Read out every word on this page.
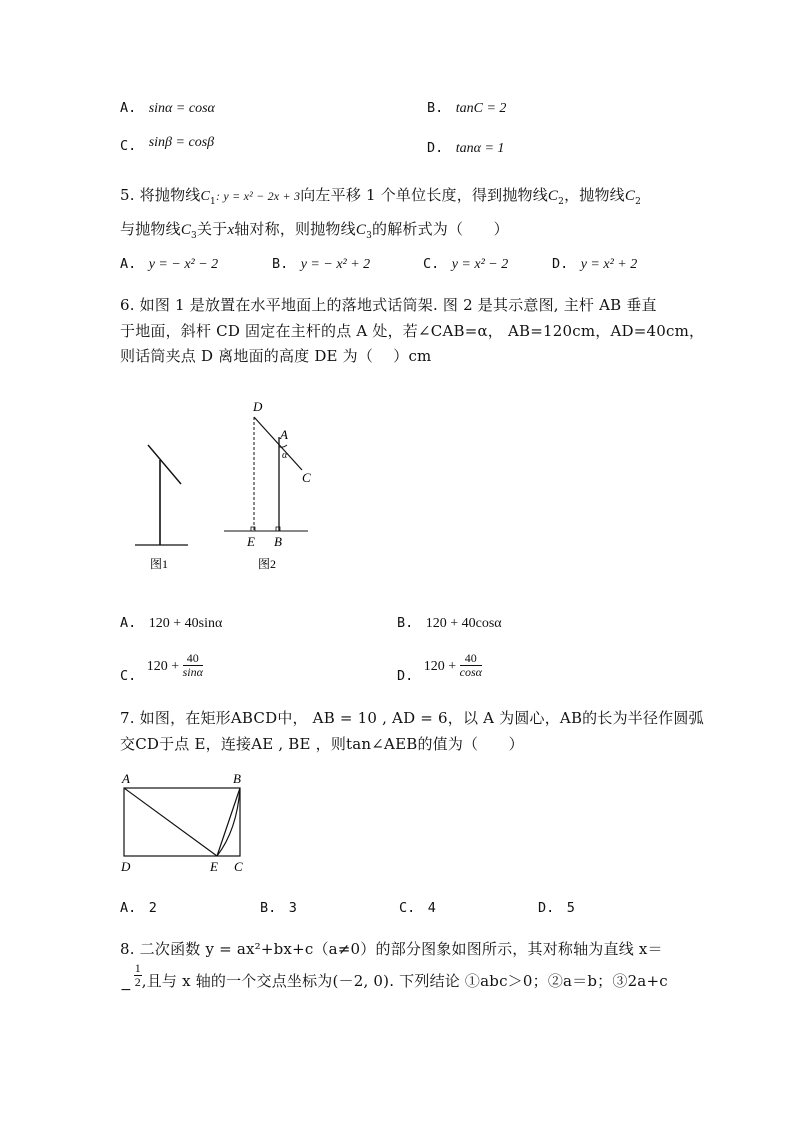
A. sinα = cosα	B. tanC = 2
C. sinβ = cosβ	D. tanα = 1
5. 将抛物线$C_1$: y = x² − 2x + 3向左平移 1 个单位长度，得到抛物线$C_2$，抛物线$C_2$
与抛物线$C_3$关于x轴对称，则抛物线$C_3$的解析式为（　　）
A. y = − x² − 2	B. y = − x² + 2	C. y = x² − 2	D. y = x² + 2
6. 如图 1 是放置在水平地面上的落地式话筒架. 图 2 是其示意图, 主杆 AB 垂直
于地面，斜杆 CD 固定在主杆的点 A 处，若∠CAB=α， AB=120cm，AD=40cm，
则话筒夹点 D 离地面的高度 DE 为（　 ）cm
图1
D
A
α
C
E B
图2
A. 120 + 40sinα	B. 120 + 40cosα
C. $120 + \frac{40}{\sin\alpha}$	D. $120 + \frac{40}{\cos\alpha}$
7. 如图，在矩形ABCD中， AB = 10 , AD = 6，以 A 为圆心，AB的长为半径作圆弧
交CD于点 E，连接AE , BE ，则tan∠AEB的值为（　　）
A	B
D	E C
A. 2	B. 3	C. 4	D. 5
8. 二次函数 y = ax²+bx+c（a≠0）的部分图象如图所示，其对称轴为直线 x＝
−
$\frac{1}{2}$ ,且与 x 轴的一个交点坐标为(－2, 0). 下列结论 ①abc＞0；②a＝b；③2a+c
